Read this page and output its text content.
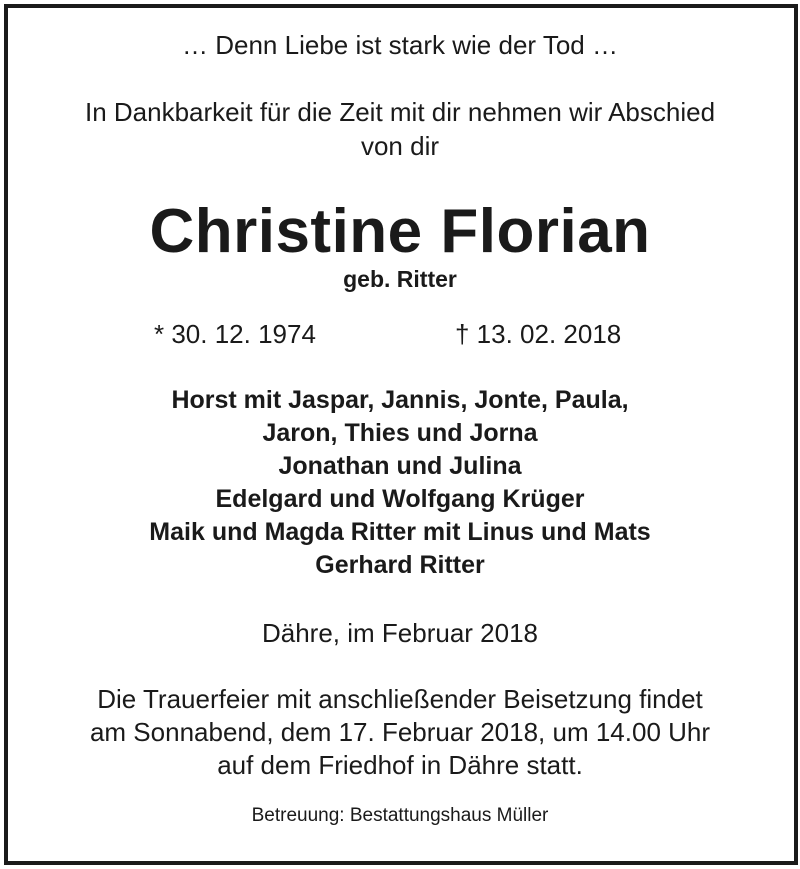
… Denn Liebe ist stark wie der Tod …
In Dankbarkeit für die Zeit mit dir nehmen wir Abschied
von dir
Christine Florian
geb. Ritter
* 30. 12. 1974	† 13. 02. 2018
Horst mit Jaspar, Jannis, Jonte, Paula,
Jaron, Thies und Jorna
Jonathan und Julina
Edelgard und Wolfgang Krüger
Maik und Magda Ritter mit Linus und Mats
Gerhard Ritter
Dähre, im Februar 2018
Die Trauerfeier mit anschließender Beisetzung findet
am Sonnabend, dem 17. Februar 2018, um 14.00 Uhr
auf dem Friedhof in Dähre statt.
Betreuung: Bestattungshaus Müller
